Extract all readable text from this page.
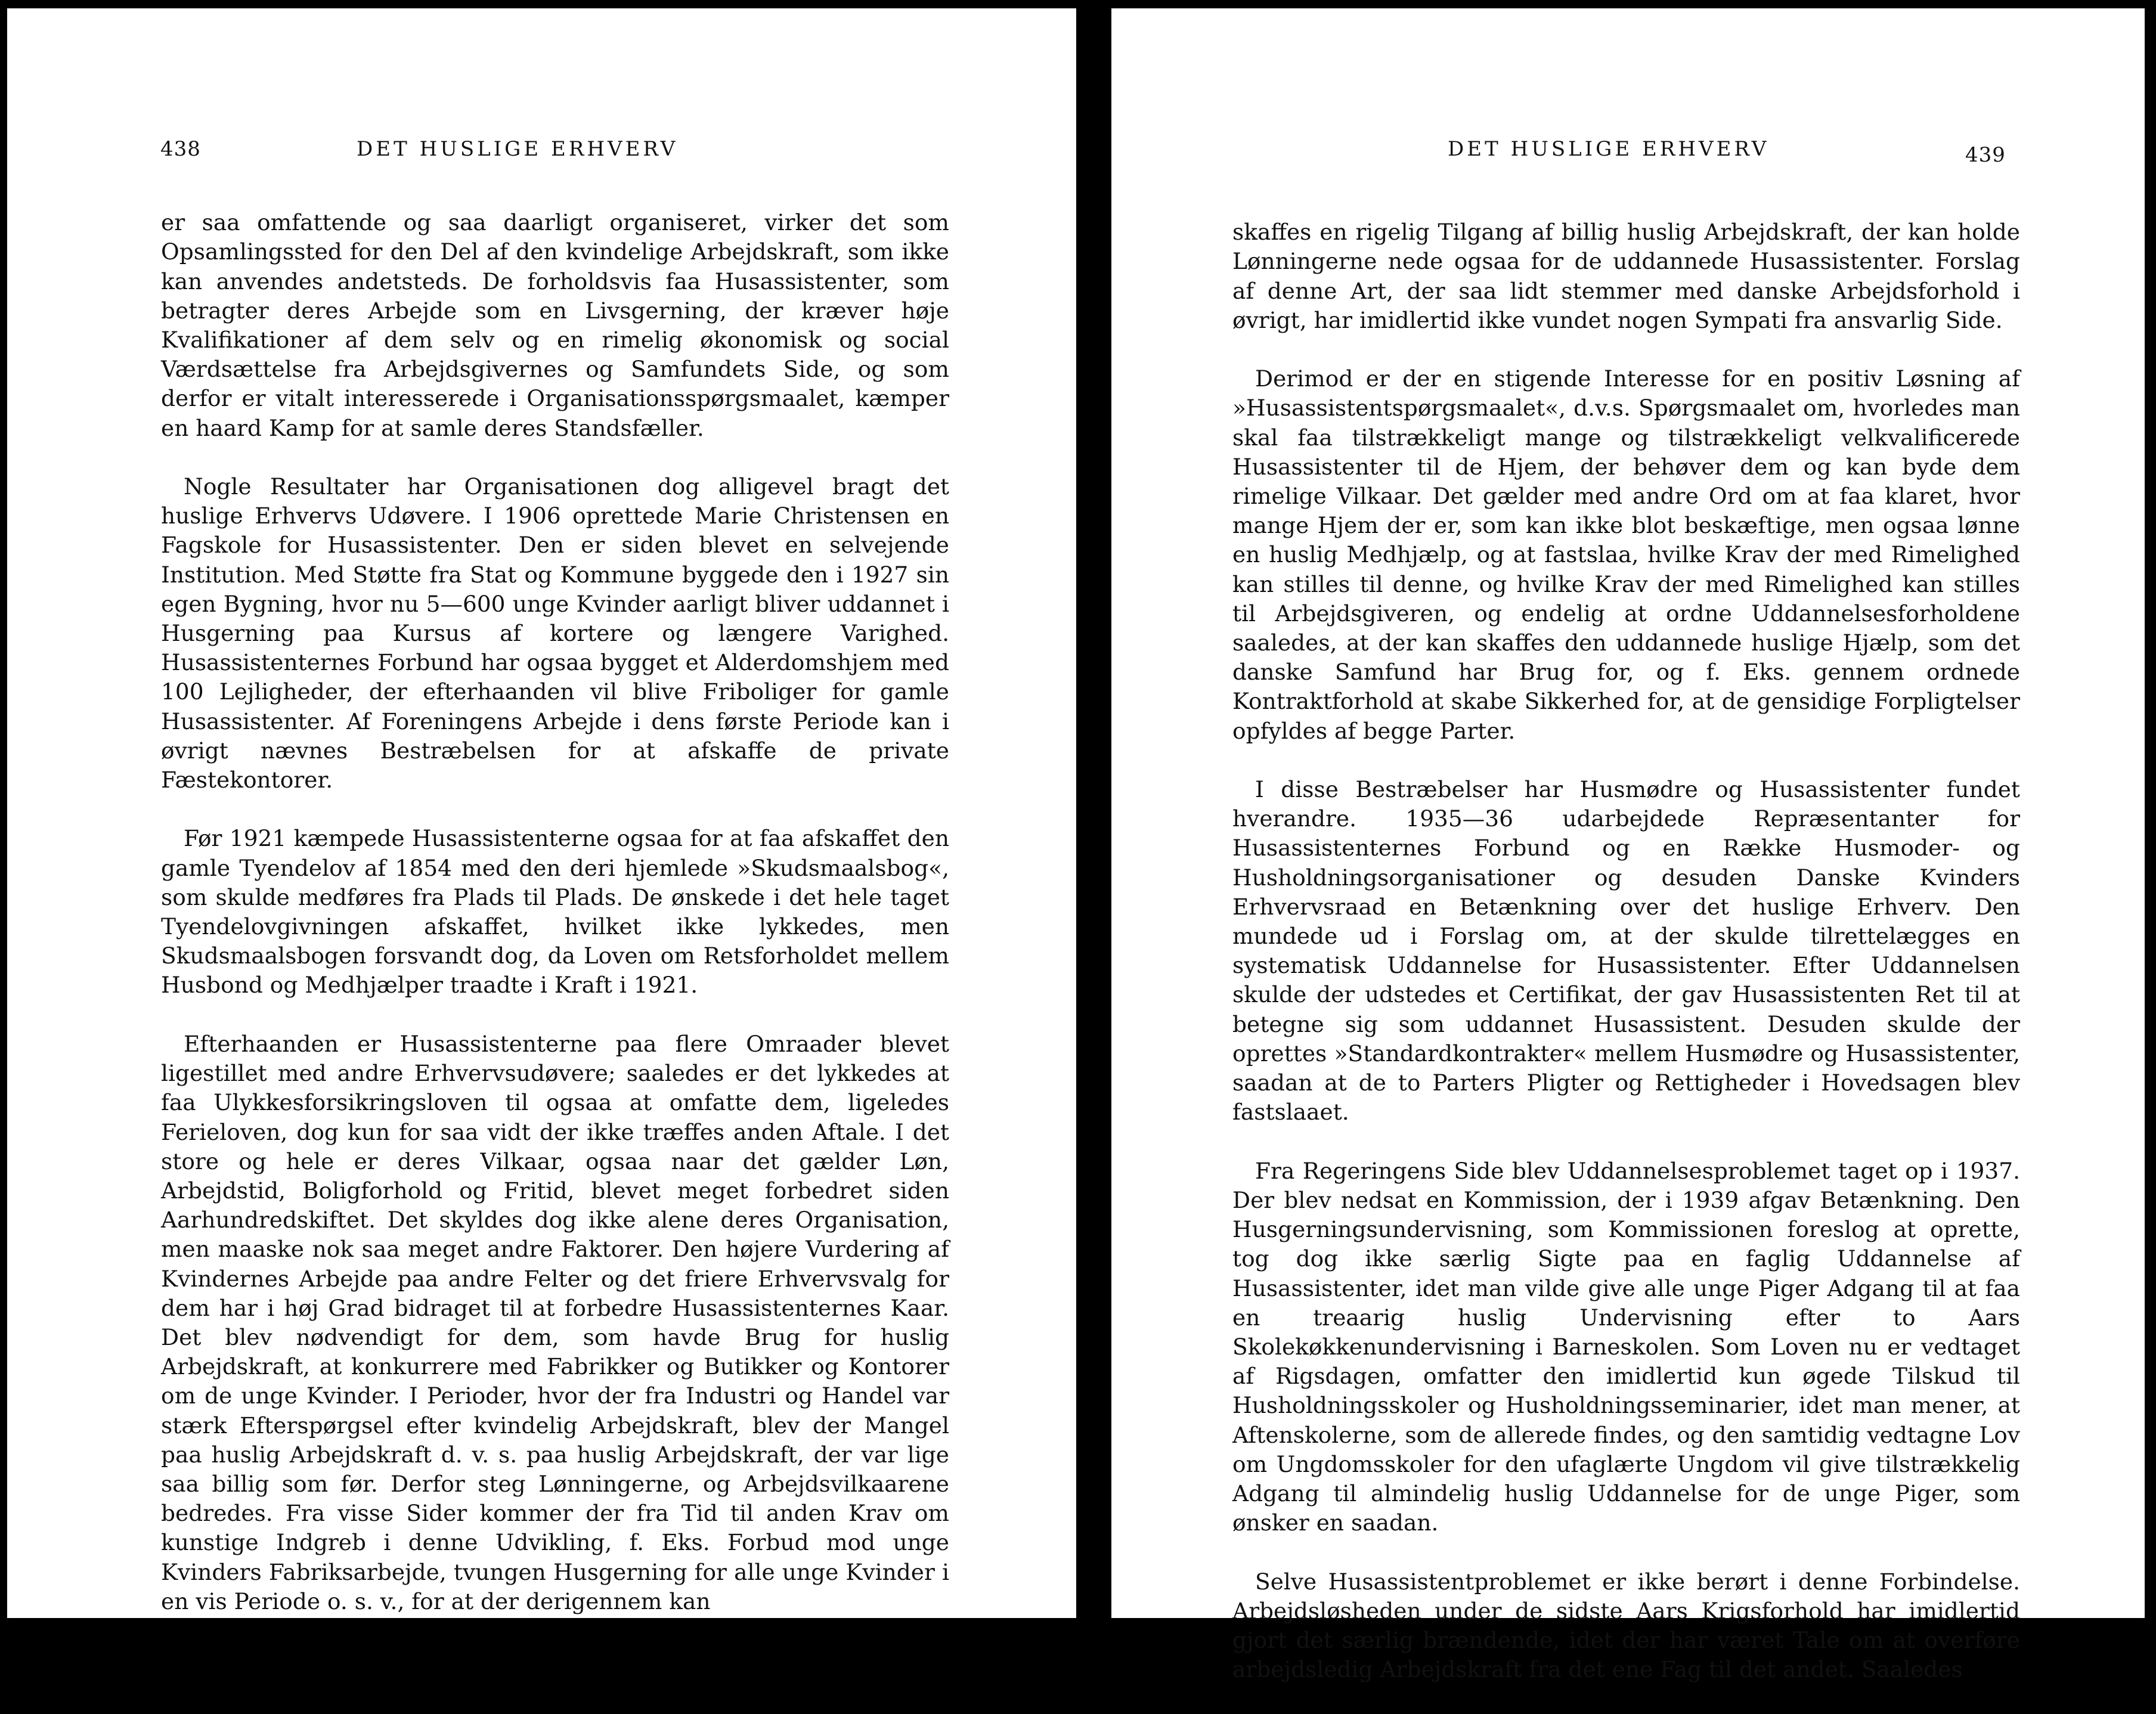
438	DET HUSLIGE ERHVERV

er saa omfattende og saa daarligt organiseret, virker det som Opsamlingssted for den Del af den kvindelige Arbejdskraft, som ikke kan anvendes andetsteds. De forholdsvis faa Husassistenter, som betragter deres Arbejde som en Livsgerning, der kræver høje Kvalifikationer af dem selv og en rimelig økonomisk og social Værdsættelse fra Arbejdsgivernes og Samfundets Side, og som derfor er vitalt interesserede i Organisationsspørgsmaalet, kæmper en haard Kamp for at samle deres Standsfæller.

Nogle Resultater har Organisationen dog alligevel bragt det huslige Erhvervs Udøvere. I 1906 oprettede Marie Christensen en Fagskole for Husassistenter. Den er siden blevet en selvejende Institution. Med Støtte fra Stat og Kommune byggede den i 1927 sin egen Bygning, hvor nu 5—600 unge Kvinder aarligt bliver uddannet i Husgerning paa Kursus af kortere og længere Varighed. Husassistenternes Forbund har ogsaa bygget et Alderdomshjem med 100 Lejligheder, der efterhaanden vil blive Friboliger for gamle Husassistenter. Af Foreningens Arbejde i dens første Periode kan i øvrigt nævnes Bestræbelsen for at afskaffe de private Fæstekontorer.

Før 1921 kæmpede Husassistenterne ogsaa for at faa afskaffet den gamle Tyendelov af 1854 med den deri hjemlede »Skudsmaalsbog«, som skulde medføres fra Plads til Plads. De ønskede i det hele taget Tyendelovgivningen afskaffet, hvilket ikke lykkedes, men Skudsmaalsbogen forsvandt dog, da Loven om Retsforholdet mellem Husbond og Medhjælper traadte i Kraft i 1921.

Efterhaanden er Husassistenterne paa flere Omraader blevet ligestillet med andre Erhvervsudøvere; saaledes er det lykkedes at faa Ulykkesforsikringsloven til ogsaa at omfatte dem, ligeledes Ferieloven, dog kun for saa vidt der ikke træffes anden Aftale. I det store og hele er deres Vilkaar, ogsaa naar det gælder Løn, Arbejdstid, Boligforhold og Fritid, blevet meget forbedret siden Aarhundredskiftet. Det skyldes dog ikke alene deres Organisation, men maaske nok saa meget andre Faktorer. Den højere Vurdering af Kvindernes Arbejde paa andre Felter og det friere Erhvervsvalg for dem har i høj Grad bidraget til at forbedre Husassistenternes Kaar. Det blev nødvendigt for dem, som havde Brug for huslig Arbejdskraft, at konkurrere med Fabrikker og Butikker og Kontorer om de unge Kvinder. I Perioder, hvor der fra Industri og Handel var stærk Efterspørgsel efter kvindelig Arbejdskraft, blev der Mangel paa huslig Arbejdskraft d. v. s. paa huslig Arbejdskraft, der var lige saa billig som før. Derfor steg Lønningerne, og Arbejdsvilkaarene bedredes. Fra visse Sider kommer der fra Tid til anden Krav om kunstige Indgreb i denne Udvikling, f. Eks. Forbud mod unge Kvinders Fabriksarbejde, tvungen Husgerning for alle unge Kvinder i en vis Periode o. s. v., for at der derigennem kan

DET HUSLIGE ERHVERV	439

skaffes en rigelig Tilgang af billig huslig Arbejdskraft, der kan holde Lønningerne nede ogsaa for de uddannede Husassistenter. Forslag af denne Art, der saa lidt stemmer med danske Arbejdsforhold i øvrigt, har imidlertid ikke vundet nogen Sympati fra ansvarlig Side.

Derimod er der en stigende Interesse for en positiv Løsning af »Husassistentspørgsmaalet«, d.v.s. Spørgsmaalet om, hvorledes man skal faa tilstrækkeligt mange og tilstrækkeligt velkvalificerede Husassistenter til de Hjem, der behøver dem og kan byde dem rimelige Vilkaar. Det gælder med andre Ord om at faa klaret, hvor mange Hjem der er, som kan ikke blot beskæftige, men ogsaa lønne en huslig Medhjælp, og at fastslaa, hvilke Krav der med Rimelighed kan stilles til denne, og hvilke Krav der med Rimelighed kan stilles til Arbejdsgiveren, og endelig at ordne Uddannelsesforholdene saaledes, at der kan skaffes den uddannede huslige Hjælp, som det danske Samfund har Brug for, og f. Eks. gennem ordnede Kontraktforhold at skabe Sikkerhed for, at de gensidige Forpligtelser opfyldes af begge Parter.

I disse Bestræbelser har Husmødre og Husassistenter fundet hverandre. 1935—36 udarbejdede Repræsentanter for Husassistenternes Forbund og en Række Husmoder- og Husholdningsorganisationer og desuden Danske Kvinders Erhvervsraad en Betænkning over det huslige Erhverv. Den mundede ud i Forslag om, at der skulde tilrettelægges en systematisk Uddannelse for Husassistenter. Efter Uddannelsen skulde der udstedes et Certifikat, der gav Husassistenten Ret til at betegne sig som uddannet Husassistent. Desuden skulde der oprettes »Standardkontrakter« mellem Husmødre og Husassistenter, saadan at de to Parters Pligter og Rettigheder i Hovedsagen blev fastslaaet.

Fra Regeringens Side blev Uddannelsesproblemet taget op i 1937. Der blev nedsat en Kommission, der i 1939 afgav Betænkning. Den Husgerningsundervisning, som Kommissionen foreslog at oprette, tog dog ikke særlig Sigte paa en faglig Uddannelse af Husassistenter, idet man vilde give alle unge Piger Adgang til at faa en treaarig huslig Undervisning efter to Aars Skolekøkkenundervisning i Barneskolen. Som Loven nu er vedtaget af Rigsdagen, omfatter den imidlertid kun øgede Tilskud til Husholdningsskoler og Husholdningsseminarier, idet man mener, at Aftenskolerne, som de allerede findes, og den samtidig vedtagne Lov om Ungdomsskoler for den ufaglærte Ungdom vil give tilstrækkelig Adgang til almindelig huslig Uddannelse for de unge Piger, som ønsker en saadan.

Selve Husassistentproblemet er ikke berørt i denne Forbindelse. Arbejdsløsheden under de sidste Aars Krigsforhold har imidlertid gjort det særlig brændende, idet der har været Tale om at overføre arbejdsledig Arbejdskraft fra det ene Fag til det andet. Saaledes
